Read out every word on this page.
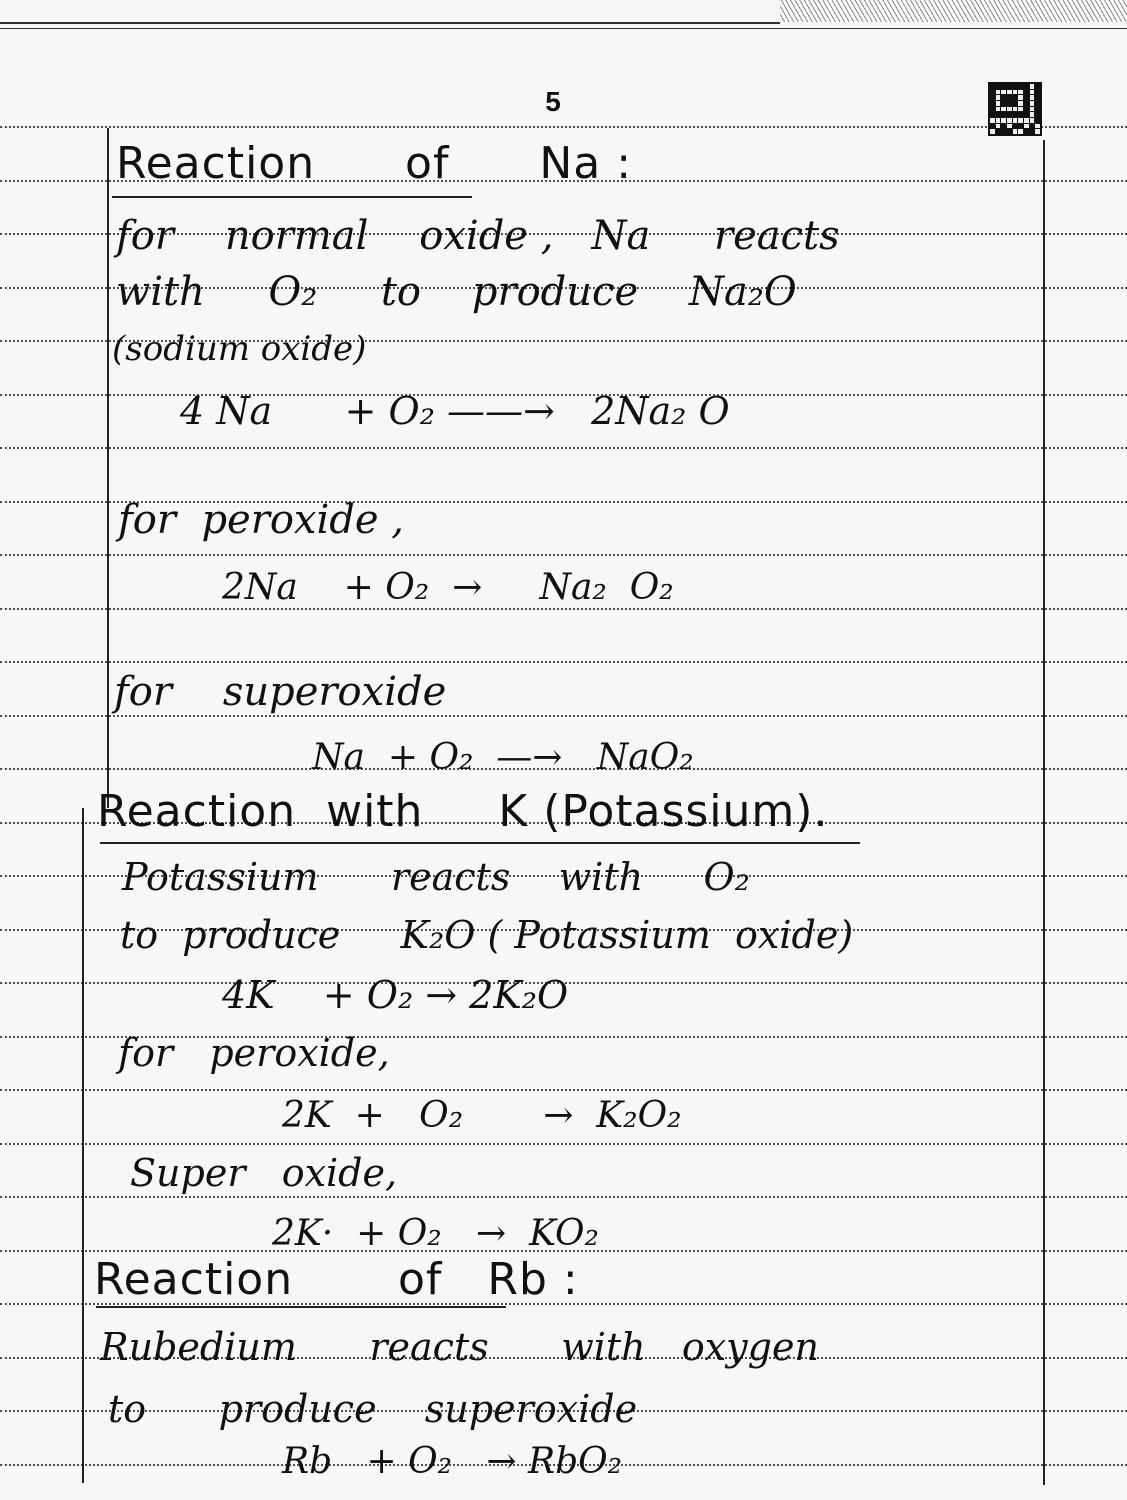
5
Reaction      of      Na :
for    normal    oxide ,   Na     reacts
with     O₂     to    produce    Na₂O
(sodium oxide)
4 Na      + O₂ ——→   2Na₂ O
for  peroxide ,
2Na    + O₂  →     Na₂  O₂
for    superoxide
Na  + O₂  —→   NaO₂
Reaction  with     K (Potassium).
Potassium      reacts    with     O₂
to  produce     K₂O ( Potassium  oxide)
4K    + O₂ → 2K₂O
for   peroxide,
2K  +   O₂       →  K₂O₂
Super   oxide,
2K·  + O₂   →  KO₂
Reaction       of   Rb :
Rubedium      reacts      with   oxygen
to      produce    superoxide
Rb   + O₂   → RbO₂
